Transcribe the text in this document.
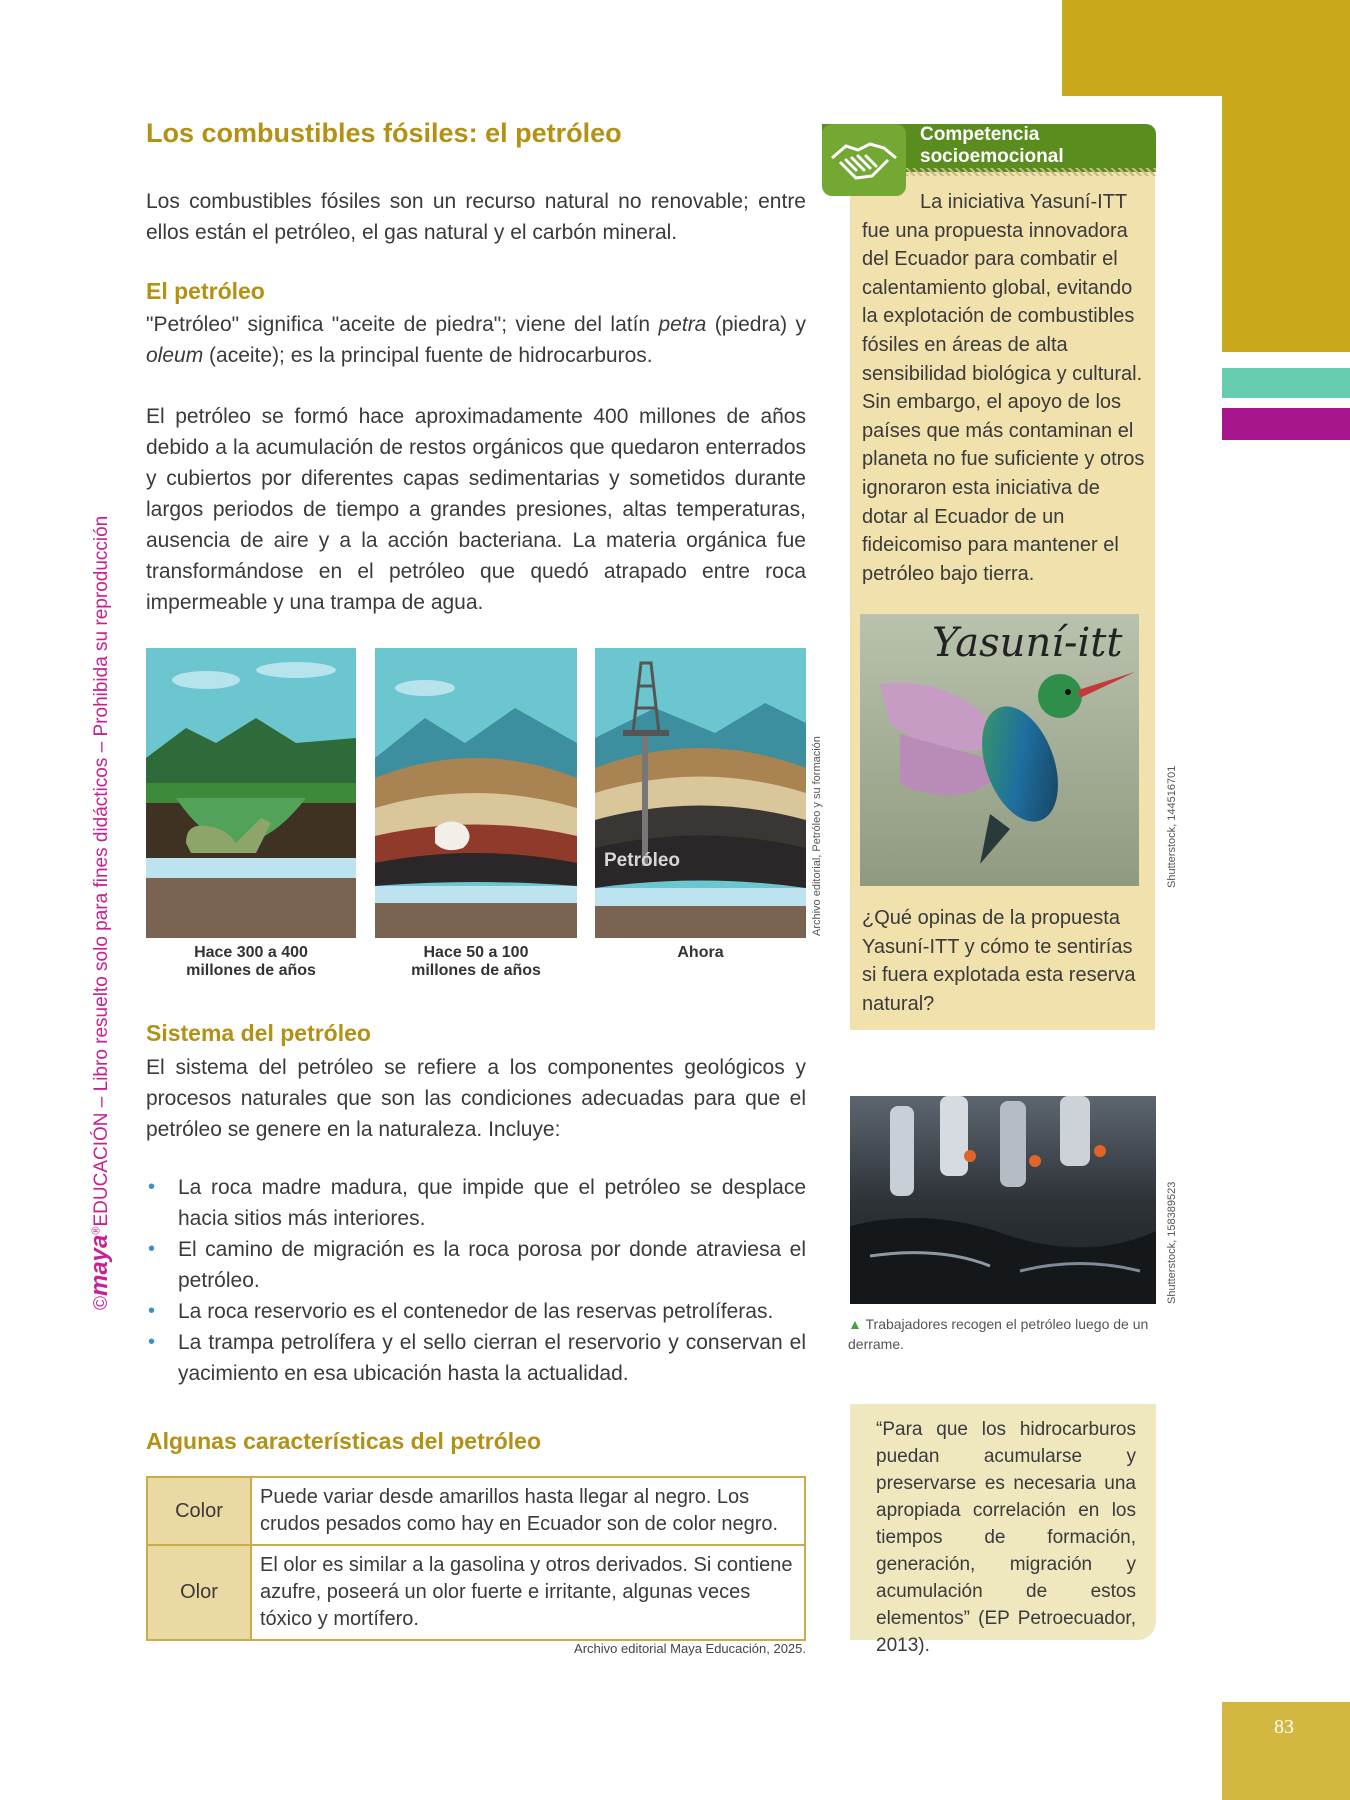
83
©maya®EDUCACIÓN – Libro resuelto solo para fines didácticos – Prohibida su reproducción
Los combustibles fósiles: el petróleo

Los combustibles fósiles son un recurso natural no renovable; entre ellos están el petróleo, el gas natural y el carbón mineral.

El petróleo

"Petróleo" significa "aceite de piedra"; viene del latín petra (piedra) y oleum (aceite); es la principal fuente de hidrocarburos.

El petróleo se formó hace aproximadamente 400 millones de años debido a la acumulación de restos orgánicos que quedaron enterrados y cubiertos por diferentes capas sedimentarias y sometidos durante largos periodos de tiempo a grandes presiones, altas temperaturas, ausencia de aire y a la acción bacteriana. La materia orgánica fue transformándose en el petróleo que quedó atrapado entre roca impermeable y una trampa de agua.

Petróleo
Hace 300 a 400
millones de años
Hace 50 a 100
millones de años
Ahora
Archivo editorial, Petróleo y su formación
Sistema del petróleo

El sistema del petróleo se refiere a los componentes geológicos y procesos naturales que son las condiciones adecuadas para que el petróleo se genere en la naturaleza. Incluye:

• La roca madre madura, que impide que el petróleo se desplace hacia sitios más interiores.
• El camino de migración es la roca porosa por donde atraviesa el petróleo.
• La roca reservorio es el contenedor de las reservas petrolíferas.
• La trampa petrolífera y el sello cierran el reservorio y conservan el yacimiento en esa ubicación hasta la actualidad.
Algunas características del petróleo
Color	Puede variar desde amarillos hasta llegar al negro. Los crudos pesados como hay en Ecuador son de color negro.
Olor	El olor es similar a la gasolina y otros derivados. Si contiene azufre, poseerá un olor fuerte e irritante, algunas veces tóxico y mortífero.
Archivo editorial Maya Educación, 2025.
Competencia
socioemocional
La iniciativa Yasuní-ITT fue una propuesta innovadora del Ecuador para combatir el calentamiento global, evitando la explotación de combustibles fósiles en áreas de alta sensibilidad biológica y cultural. Sin embargo, el apoyo de los países que más contaminan el planeta no fue suficiente y otros ignoraron esta iniciativa de dotar al Ecuador de un fideicomiso para mantener el petróleo bajo tierra.
Yasuní-itt
Shutterstock, 144516701
¿Qué opinas de la propuesta Yasuní-ITT y cómo te sentirías si fuera explotada esta reserva natural?
Shutterstock, 158389523
▲ Trabajadores recogen el petróleo luego de un derrame.
“Para que los hidrocarburos puedan acumularse y preservarse es necesaria una apropiada correlación en los tiempos de formación, generación, migración y acumulación de estos elementos” (EP Petroecuador, 2013).
